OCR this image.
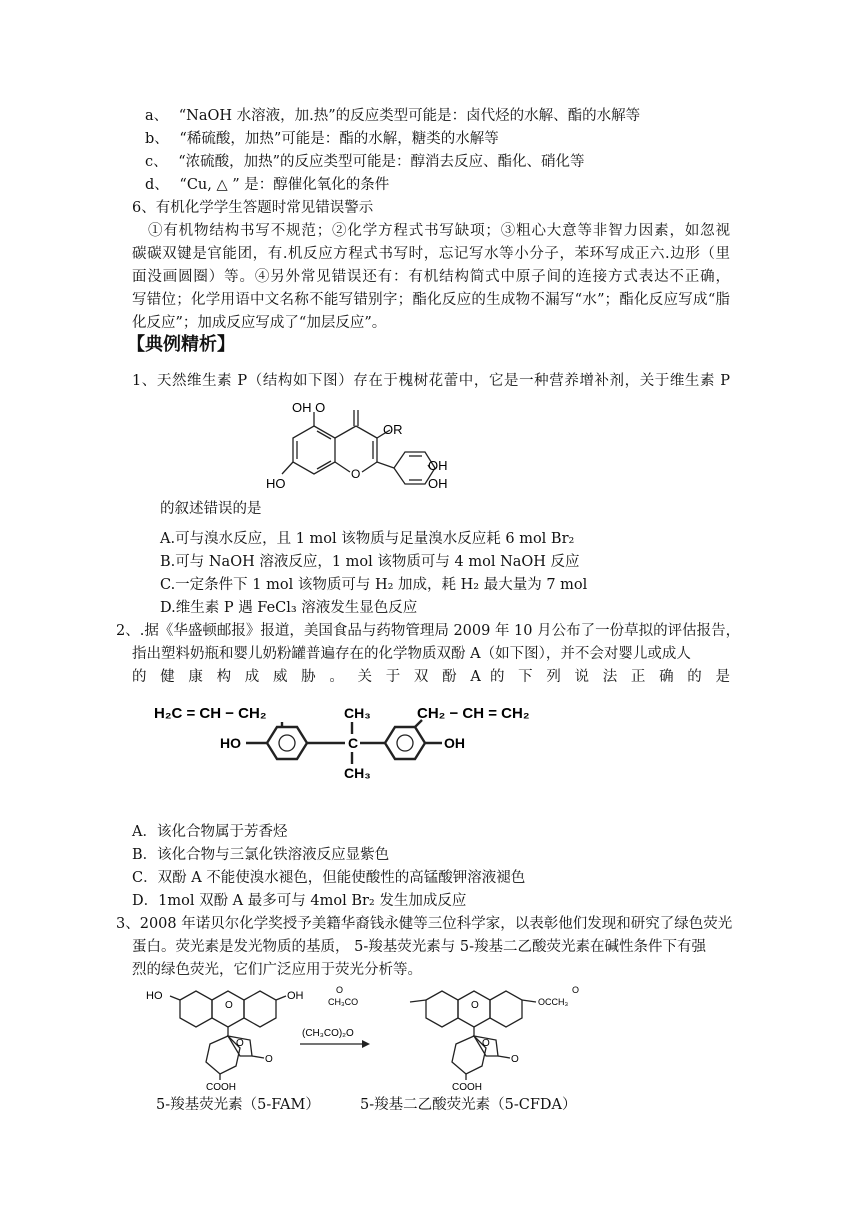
a、 “NaOH 水溶液，加.热”的反应类型可能是：卤代烃的水解、酯的水解等
b、 “稀硫酸，加热”可能是：酯的水解，糖类的水解等
c、 “浓硫酸，加热”的反应类型可能是：醇消去反应、酯化、硝化等
d、 “Cu, △ ” 是：醇催化氧化的条件
6、有机化学学生答题时常见错误警示
①有机物结构书写不规范；②化学方程式书写缺项；③粗心大意等非智力因素，如忽视
碳碳双键是官能团，有.机反应方程式书写时，忘记写水等小分子，苯环写成正六.边形（里
面没画圆圈）等。④另外常见错误还有：有机结构简式中原子间的连接方式表达不正确，
写错位；化学用语中文名称不能写错别字；酯化反应的生成物不漏写“水”；酯化反应写成“脂
化反应”；加成反应写成了“加层反应”。
【典例精析】
1、天然维生素 P（结构如下图）存在于槐树花蕾中，它是一种营养增补剂，关于维生素 P
OH O
OR
HO
O
OH
OH
的叙述错误的是
A.可与溴水反应，且 1 mol 该物质与足量溴水反应耗 6 mol Br₂
B.可与 NaOH 溶液反应，1 mol 该物质可与 4 mol NaOH 反应
C.一定条件下 1 mol 该物质可与 H₂ 加成，耗 H₂ 最大量为 7 mol
D.维生素 P 遇 FeCl₃ 溶液发生显色反应
2、.据《华盛顿邮报》报道，美国食品与药物管理局 2009 年 10 月公布了一份草拟的评估报告，
指出塑料奶瓶和婴儿奶粉罐普遍存在的化学物质双酚 A（如下图），并不会对婴儿或成人
的 健 康 构 成 威 胁 。 关 于 双 酚 A 的 下 列 说 法 正 确 的 是
H₂C = CH − CH₂	CH₂ − CH = CH₂
CH₃
CH₃
C
HO	OH
A．该化合物属于芳香烃
B．该化合物与三氯化铁溶液反应显紫色
C．双酚 A 不能使溴水褪色，但能使酸性的高锰酸钾溶液褪色
D．1mol 双酚 A 最多可与 4mol Br₂ 发生加成反应
3、2008 年诺贝尔化学奖授予美籍华裔钱永健等三位科学家，以表彰他们发现和研究了绿色荧光
蛋白。荧光素是发光物质的基质， 5-羧基荧光素与 5-羧基二乙酸荧光素在碱性条件下有强
烈的绿色荧光，它们广泛应用于荧光分析等。
HO	OH
O
O
O
COOH
(CH₃CO)₂O
O	O
CH₃CO	OCCH₃
O
O
O
COOH
5-羧基荧光素（5-FAM）	5-羧基二乙酸荧光素（5-CFDA）
